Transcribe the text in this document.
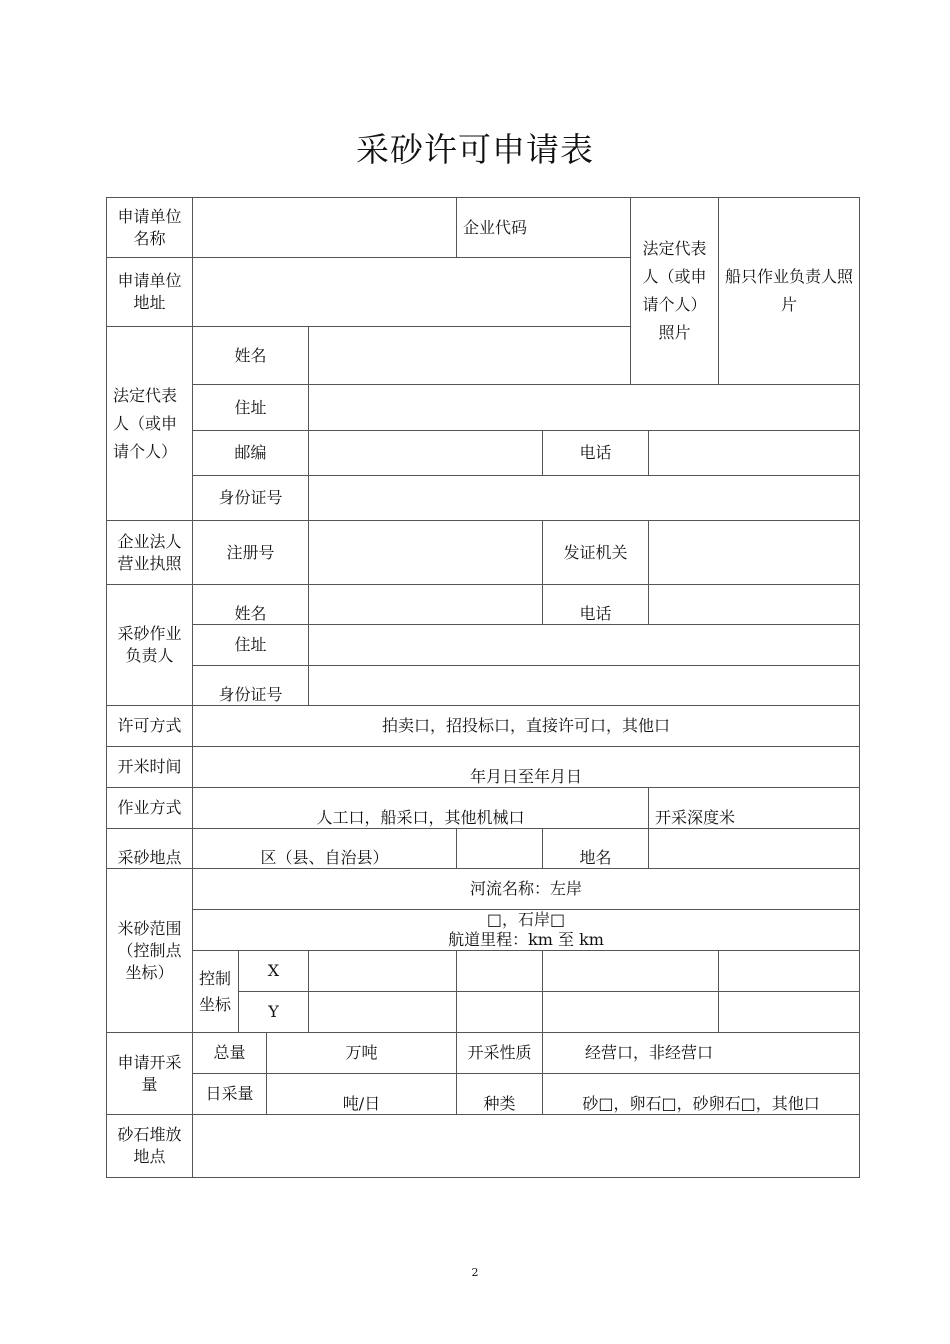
采砂许可申请表
申请单位名称					企业代码		法定代表人（或申请个人）照片		船只作业负责人照片	
申请单位地址										
法定代表人（或申请个人）	姓名									
	住址									
	邮编					电话				
	身份证号									
企业法人营业执照	注册号					发证机关				
采砂作业负责人	姓名					电话				
	住址									
	身份证号									
许可方式	拍卖口，招投标口，直接许可口，其他口									
开米时间	年月日至年月日									
作业方式	人工口，船采口，其他机械口							开采深度米		
采砂地点	区（县、自治县）					地名				
米砂范围（控制点坐标）	河流名称：左岸									

	□，石岸□
航道里程：km 至 km									

	控制坐标	X								
		Y								
申请开采量	总量		万吨		开采性质	经营口，非经营口				
	日采量		吨/日		种类	砂□，卵石□，砂卵石□，其他口				
砂石堆放地点										
2
